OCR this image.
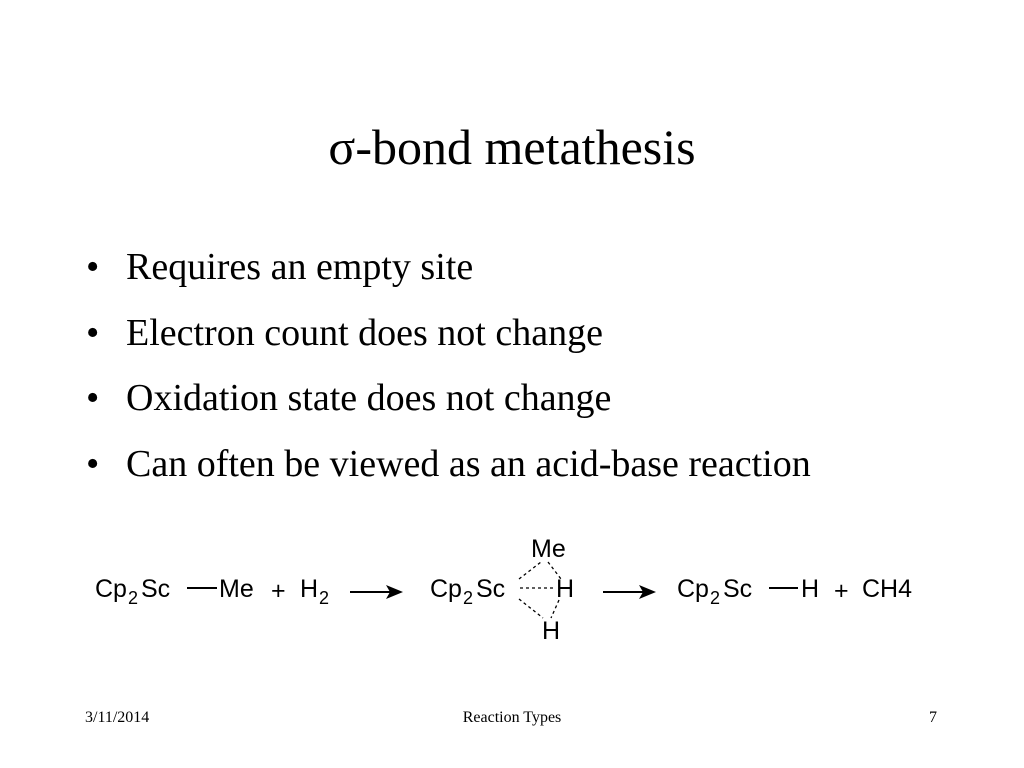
σ-bond metathesis
• Requires an empty site
• Electron count does not change
• Oxidation state does not change
• Can often be viewed as an acid-base reaction
Cp 2 Sc Me + H 2	Cp 2 Sc
Me
H
H
Cp 2 Sc H + CH4
3/11/2014	Reaction Types	7
